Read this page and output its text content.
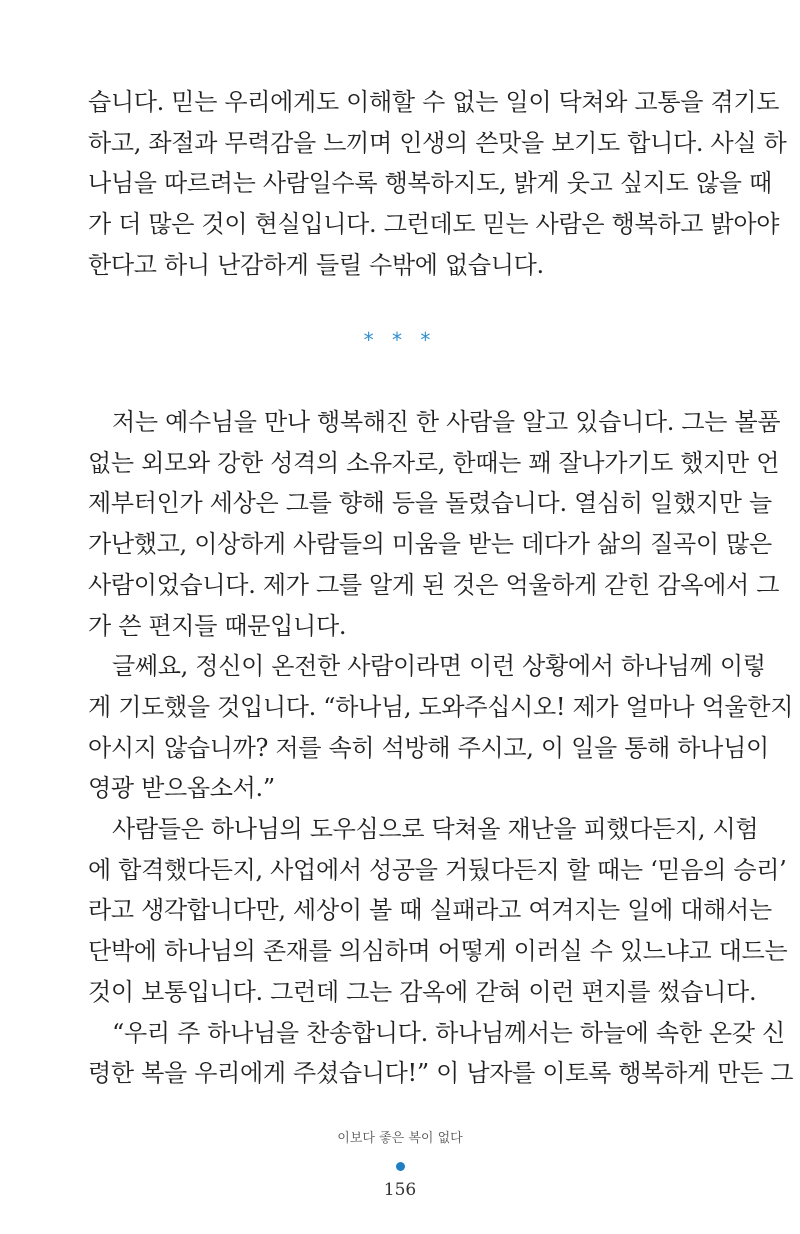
습니다. 믿는 우리에게도 이해할 수 없는 일이 닥쳐와 고통을 겪기도
하고, 좌절과 무력감을 느끼며 인생의 쓴맛을 보기도 합니다. 사실 하
나님을 따르려는 사람일수록 행복하지도, 밝게 웃고 싶지도 않을 때
가 더 많은 것이 현실입니다. 그런데도 믿는 사람은 행복하고 밝아야
한다고 하니 난감하게 들릴 수밖에 없습니다.
* * *
저는 예수님을 만나 행복해진 한 사람을 알고 있습니다. 그는 볼품
없는 외모와 강한 성격의 소유자로, 한때는 꽤 잘나가기도 했지만 언
제부터인가 세상은 그를 향해 등을 돌렸습니다. 열심히 일했지만 늘
가난했고, 이상하게 사람들의 미움을 받는 데다가 삶의 질곡이 많은
사람이었습니다. 제가 그를 알게 된 것은 억울하게 갇힌 감옥에서 그
가 쓴 편지들 때문입니다.
글쎄요, 정신이 온전한 사람이라면 이런 상황에서 하나님께 이렇
게 기도했을 것입니다. “하나님, 도와주십시오! 제가 얼마나 억울한지
아시지 않습니까? 저를 속히 석방해 주시고, 이 일을 통해 하나님이
영광 받으옵소서.”
사람들은 하나님의 도우심으로 닥쳐올 재난을 피했다든지, 시험
에 합격했다든지, 사업에서 성공을 거뒀다든지 할 때는 ‘믿음의 승리’
라고 생각합니다만, 세상이 볼 때 실패라고 여겨지는 일에 대해서는
단박에 하나님의 존재를 의심하며 어떻게 이러실 수 있느냐고 대드는
것이 보통입니다. 그런데 그는 감옥에 갇혀 이런 편지를 썼습니다.
“우리 주 하나님을 찬송합니다. 하나님께서는 하늘에 속한 온갖 신
령한 복을 우리에게 주셨습니다!” 이 남자를 이토록 행복하게 만든 그
이보다 좋은 복이 없다
156
